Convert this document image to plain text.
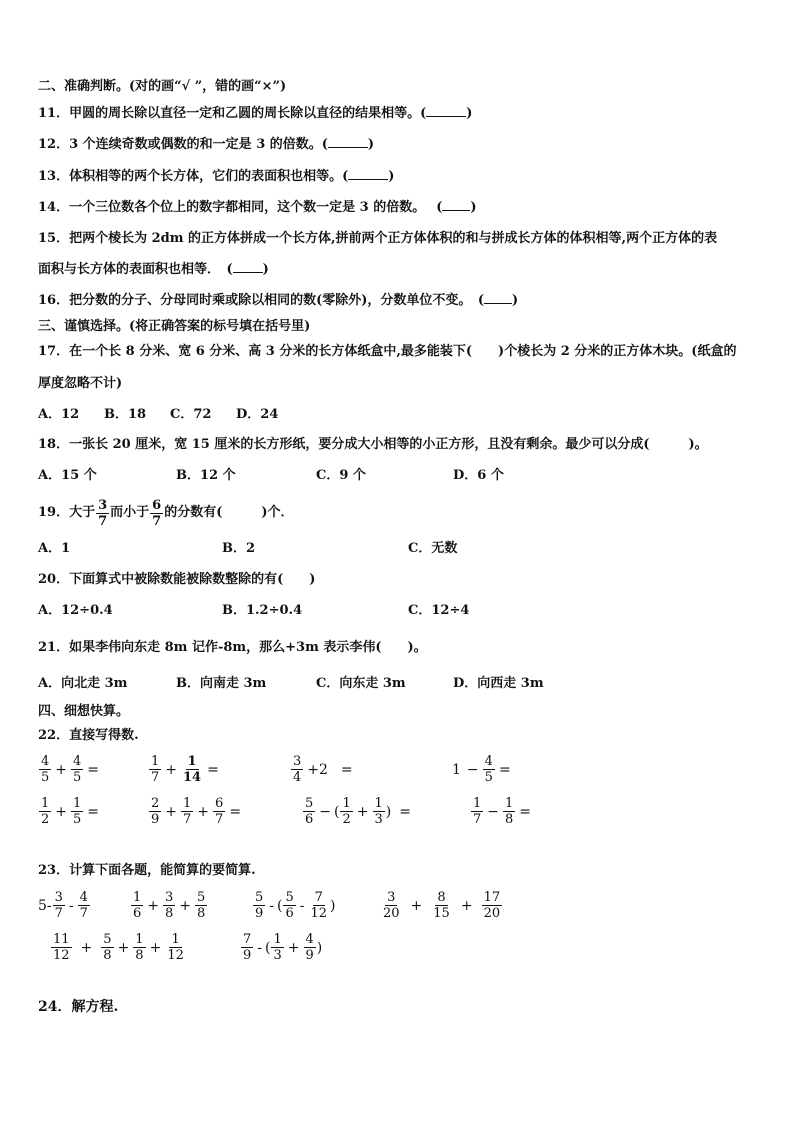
二、准确判断。(对的画“√ ”，错的画“×”)
11．甲圆的周长除以直径一定和乙圆的周长除以直径的结果相等。(	)
12．3 个连续奇数或偶数的和一定是 3 的倍数。(	)
13．体积相等的两个长方体，它们的表面积也相等。(	)
14．一个三位数各个位上的数字都相同，这个数一定是 3 的倍数。　 ( )
15．把两个棱长为 2dm 的正方体拼成一个长方体,拼前两个正方体体积的和与拼成长方体的体积相等,两个正方体的表
面积与长方体的表面积也相等．　( )
16．把分数的分子、分母同时乘或除以相同的数(零除外)，分数单位不变。　( )
三、谨慎选择。(将正确答案的标号填在括号里)
17．在一个长 8 分米、宽 6 分米、高 3 分米的长方体纸盒中,最多能装下(　　)个棱长为 2 分米的正方体木块。(纸盒的
厚度忽略不计)
A．12 B．18 C．72 D．24
18．一张长 20 厘米，宽 15 厘米的长方形纸，要分成大小相等的小正方形，且没有剩余。最少可以分成(　　　)。
A．15 个	B．12 个	C．9 个	D．6 个
19．大于 $\frac{3}{7}$ 而小于 $\frac{6}{7}$ 的分数有(　　　)个．
A．1	B．2	C．无数
20．下面算式中被除数能被除数整除的有(　　)
A．12÷0.4	B．1.2÷0.4	C．12÷4
21．如果李伟向东走 8m 记作-8m，那么+3m 表示李伟(　　)。
A．向北走 3m	B．向南走 3m	C．向东走 3m	D．向西走 3m
四、细想快算。
22．直接写得数.
$\frac{4}{5} + \frac{4}{5}$ =	$\frac{1}{7} + \frac{1}{14}$ =	$\frac{3}{4} +2$ =	$1 - \frac{4}{5}$ =
$\frac{1}{2} + \frac{1}{5}$ =	$\frac{2}{9} + \frac{1}{7} + \frac{6}{7}$ =	$\frac{5}{6}$ − ( $\frac{1}{2} + \frac{1}{3}$ ) =	$\frac{1}{7} - \frac{1}{8}$ =
23．计算下面各题，能简算的要简算.
$5- \frac{3}{7} - \frac{4}{7}$	$\frac{1}{6} + \frac{3}{8} + \frac{5}{8}$	$\frac{5}{9}$ - ( $\frac{5}{6} - \frac{7}{12}$ )	$\frac{3}{20} + \frac{8}{15} + \frac{17}{20}$
$\frac{11}{12} + \frac{5}{8} + \frac{1}{8} + \frac{1}{12}$	$\frac{7}{9}$ - ( $\frac{1}{3} + \frac{4}{9}$ )
24．解方程.
